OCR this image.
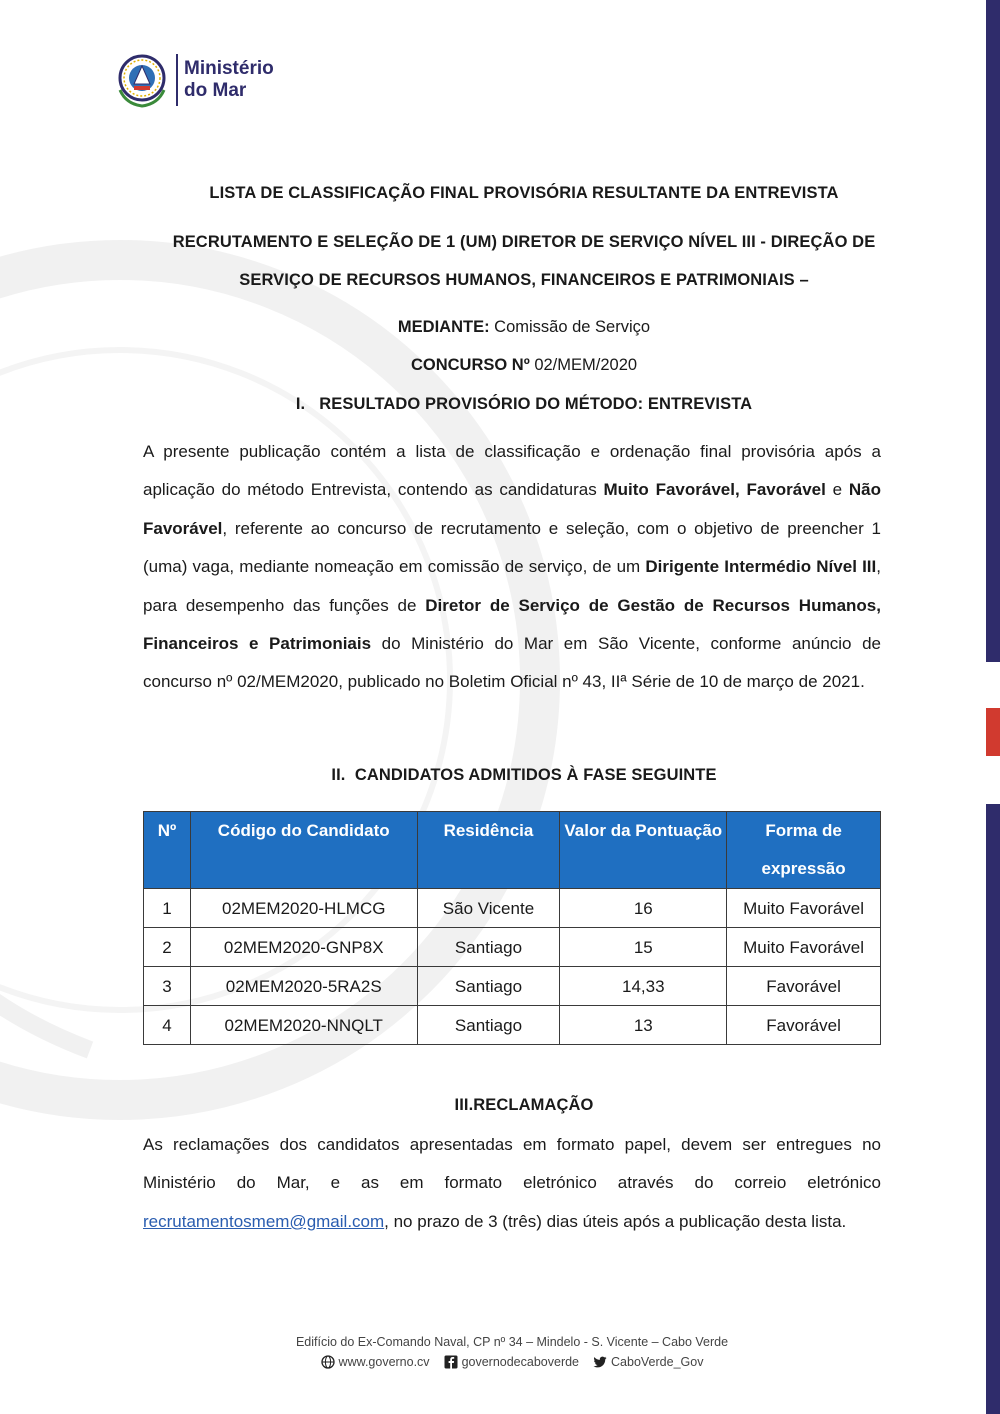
Ministério
do Mar
LISTA DE CLASSIFICAÇÃO FINAL PROVISÓRIA RESULTANTE DA ENTREVISTA
RECRUTAMENTO E SELEÇÃO DE 1 (UM) DIRETOR DE SERVIÇO NÍVEL III - DIREÇÃO DE
SERVIÇO DE RECURSOS HUMANOS, FINANCEIROS E PATRIMONIAIS –
MEDIANTE: Comissão de Serviço
CONCURSO Nº 02/MEM/2020
I.   RESULTADO PROVISÓRIO DO MÉTODO: ENTREVISTA
A presente publicação contém a lista de classificação e ordenação final provisória após a aplicação do método Entrevista, contendo as candidaturas Muito Favorável, Favorável e Não Favorável, referente ao concurso de recrutamento e seleção, com o objetivo de preencher 1 (uma) vaga, mediante nomeação em comissão de serviço, de um Dirigente Intermédio Nível III, para desempenho das funções de Diretor de Serviço de Gestão de Recursos Humanos, Financeiros e Patrimoniais do Ministério do Mar em São Vicente, conforme anúncio de concurso nº 02/MEM2020, publicado no Boletim Oficial nº 43, IIª Série de 10 de março de 2021.
II.  CANDIDATOS ADMITIDOS À FASE SEGUINTE
Nº	Código do Candidato	Residência	Valor da Pontuação	Forma de expressão
1	02MEM2020-HLMCG	São Vicente	16	Muito Favorável
2	02MEM2020-GNP8X	Santiago	15	Muito Favorável
3	02MEM2020-5RA2S	Santiago	14,33	Favorável
4	02MEM2020-NNQLT	Santiago	13	Favorável
III.RECLAMAÇÃO
As reclamações dos candidatos apresentadas em formato papel, devem ser entregues no Ministério do Mar, e as em formato eletrónico através do correio eletrónico recrutamentosmem@gmail.com, no prazo de 3 (três) dias úteis após a publicação desta lista.
Edifício do Ex-Comando Naval, CP nº 34 – Mindelo - S. Vicente – Cabo Verde
www.governo.cv	governodecaboverde	CaboVerde_Gov
